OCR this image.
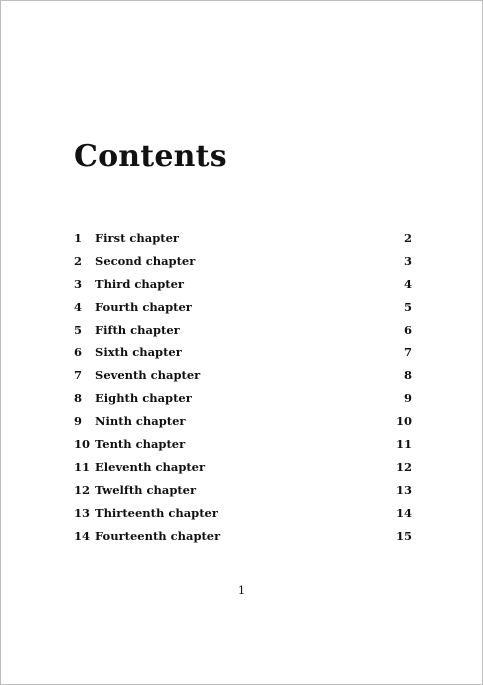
Contents
1 First chapter	2
2 Second chapter	3
3 Third chapter	4
4 Fourth chapter	5
5 Fifth chapter	6
6 Sixth chapter	7
7 Seventh chapter	8
8 Eighth chapter	9
9 Ninth chapter	10
10 Tenth chapter	11
11 Eleventh chapter	12
12 Twelfth chapter	13
13 Thirteenth chapter	14
14 Fourteenth chapter	15
1
